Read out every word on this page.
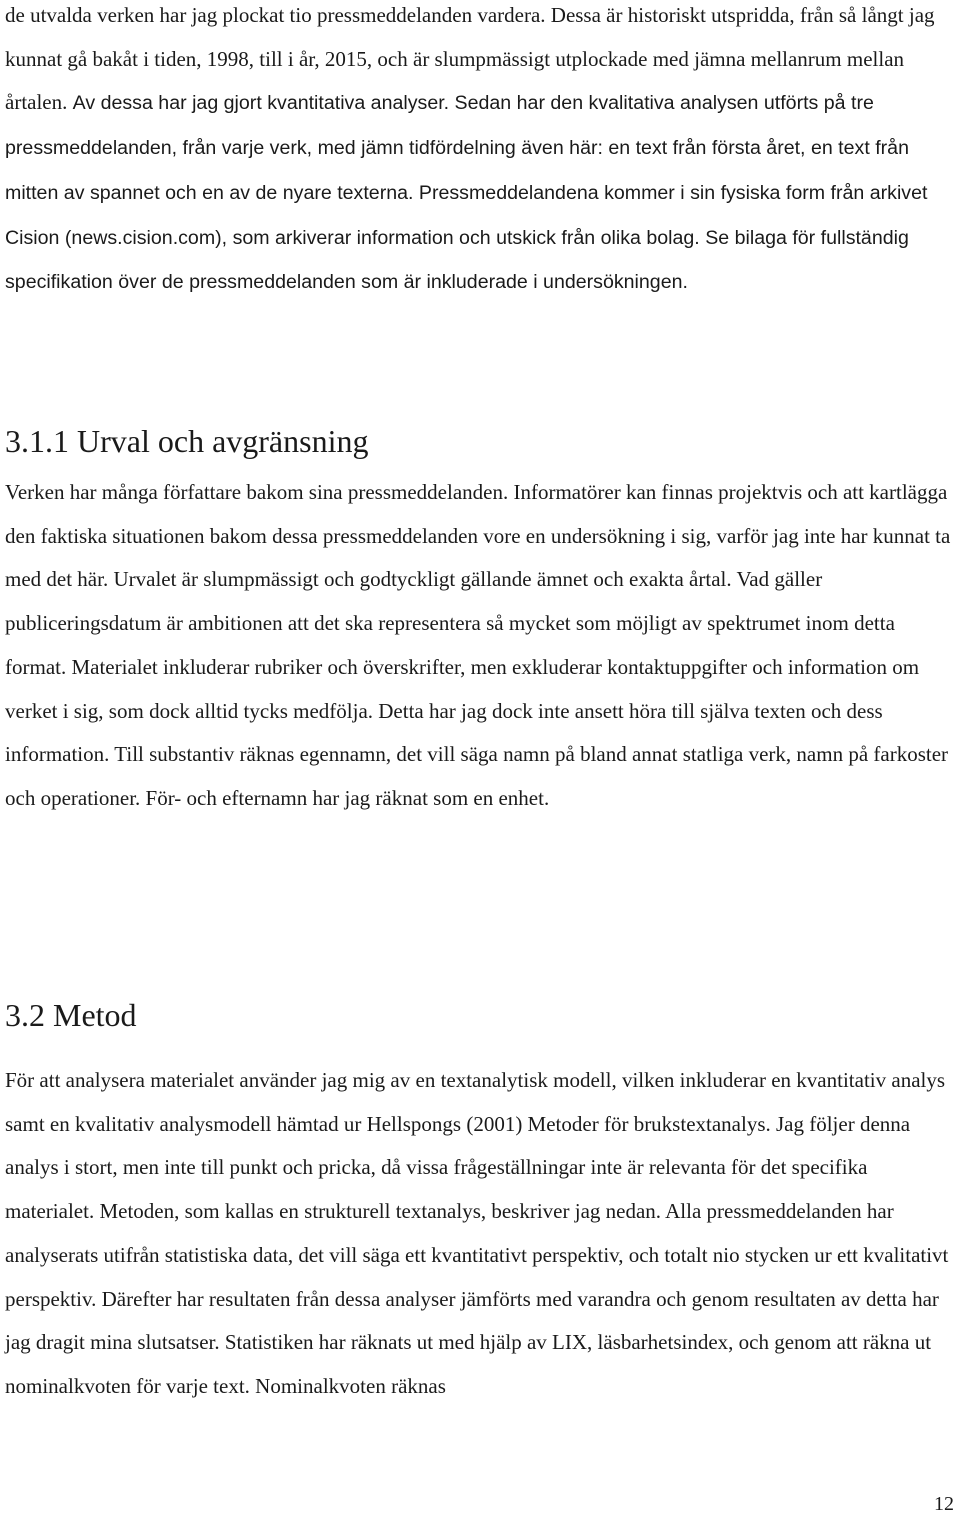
de utvalda verken har jag plockat tio pressmeddelanden vardera. Dessa är historiskt utspridda, från så långt jag kunnat gå bakåt i tiden, 1998, till i år, 2015, och är slumpmässigt utplockade med jämna mellanrum mellan årtalen. Av dessa har jag gjort kvantitativa analyser. Sedan har den kvalitativa analysen utförts på tre pressmeddelanden, från varje verk, med jämn tidfördelning även här: en text från första året, en text från mitten av spannet och en av de nyare texterna. Pressmeddelandena kommer i sin fysiska form från arkivet Cision (news.cision.com), som arkiverar information och utskick från olika bolag. Se bilaga för fullständig specifikation över de pressmeddelanden som är inkluderade i undersökningen.

3.1.1 Urval och avgränsning

Verken har många författare bakom sina pressmeddelanden. Informatörer kan finnas projektvis och att kartlägga den faktiska situationen bakom dessa pressmeddelanden vore en undersökning i sig, varför jag inte har kunnat ta med det här. Urvalet är slumpmässigt och godtyckligt gällande ämnet och exakta årtal. Vad gäller publiceringsdatum är ambitionen att det ska representera så mycket som möjligt av spektrumet inom detta format. Materialet inkluderar rubriker och överskrifter, men exkluderar kontaktuppgifter och information om verket i sig, som dock alltid tycks medfölja. Detta har jag dock inte ansett höra till själva texten och dess information. Till substantiv räknas egennamn, det vill säga namn på bland annat statliga verk, namn på farkoster och operationer. För- och efternamn har jag räknat som en enhet.

3.2 Metod

För att analysera materialet använder jag mig av en textanalytisk modell, vilken inkluderar en kvantitativ analys samt en kvalitativ analysmodell hämtad ur Hellspongs (2001) Metoder för brukstextanalys. Jag följer denna analys i stort, men inte till punkt och pricka, då vissa frågeställningar inte är relevanta för det specifika materialet. Metoden, som kallas en strukturell textanalys, beskriver jag nedan. Alla pressmeddelanden har analyserats utifrån statistiska data, det vill säga ett kvantitativt perspektiv, och totalt nio stycken ur ett kvalitativt perspektiv. Därefter har resultaten från dessa analyser jämförts med varandra och genom resultaten av detta har jag dragit mina slutsatser. Statistiken har räknats ut med hjälp av LIX, läsbarhetsindex, och genom att räkna ut nominalkvoten för varje text. Nominalkvoten räknas

12
